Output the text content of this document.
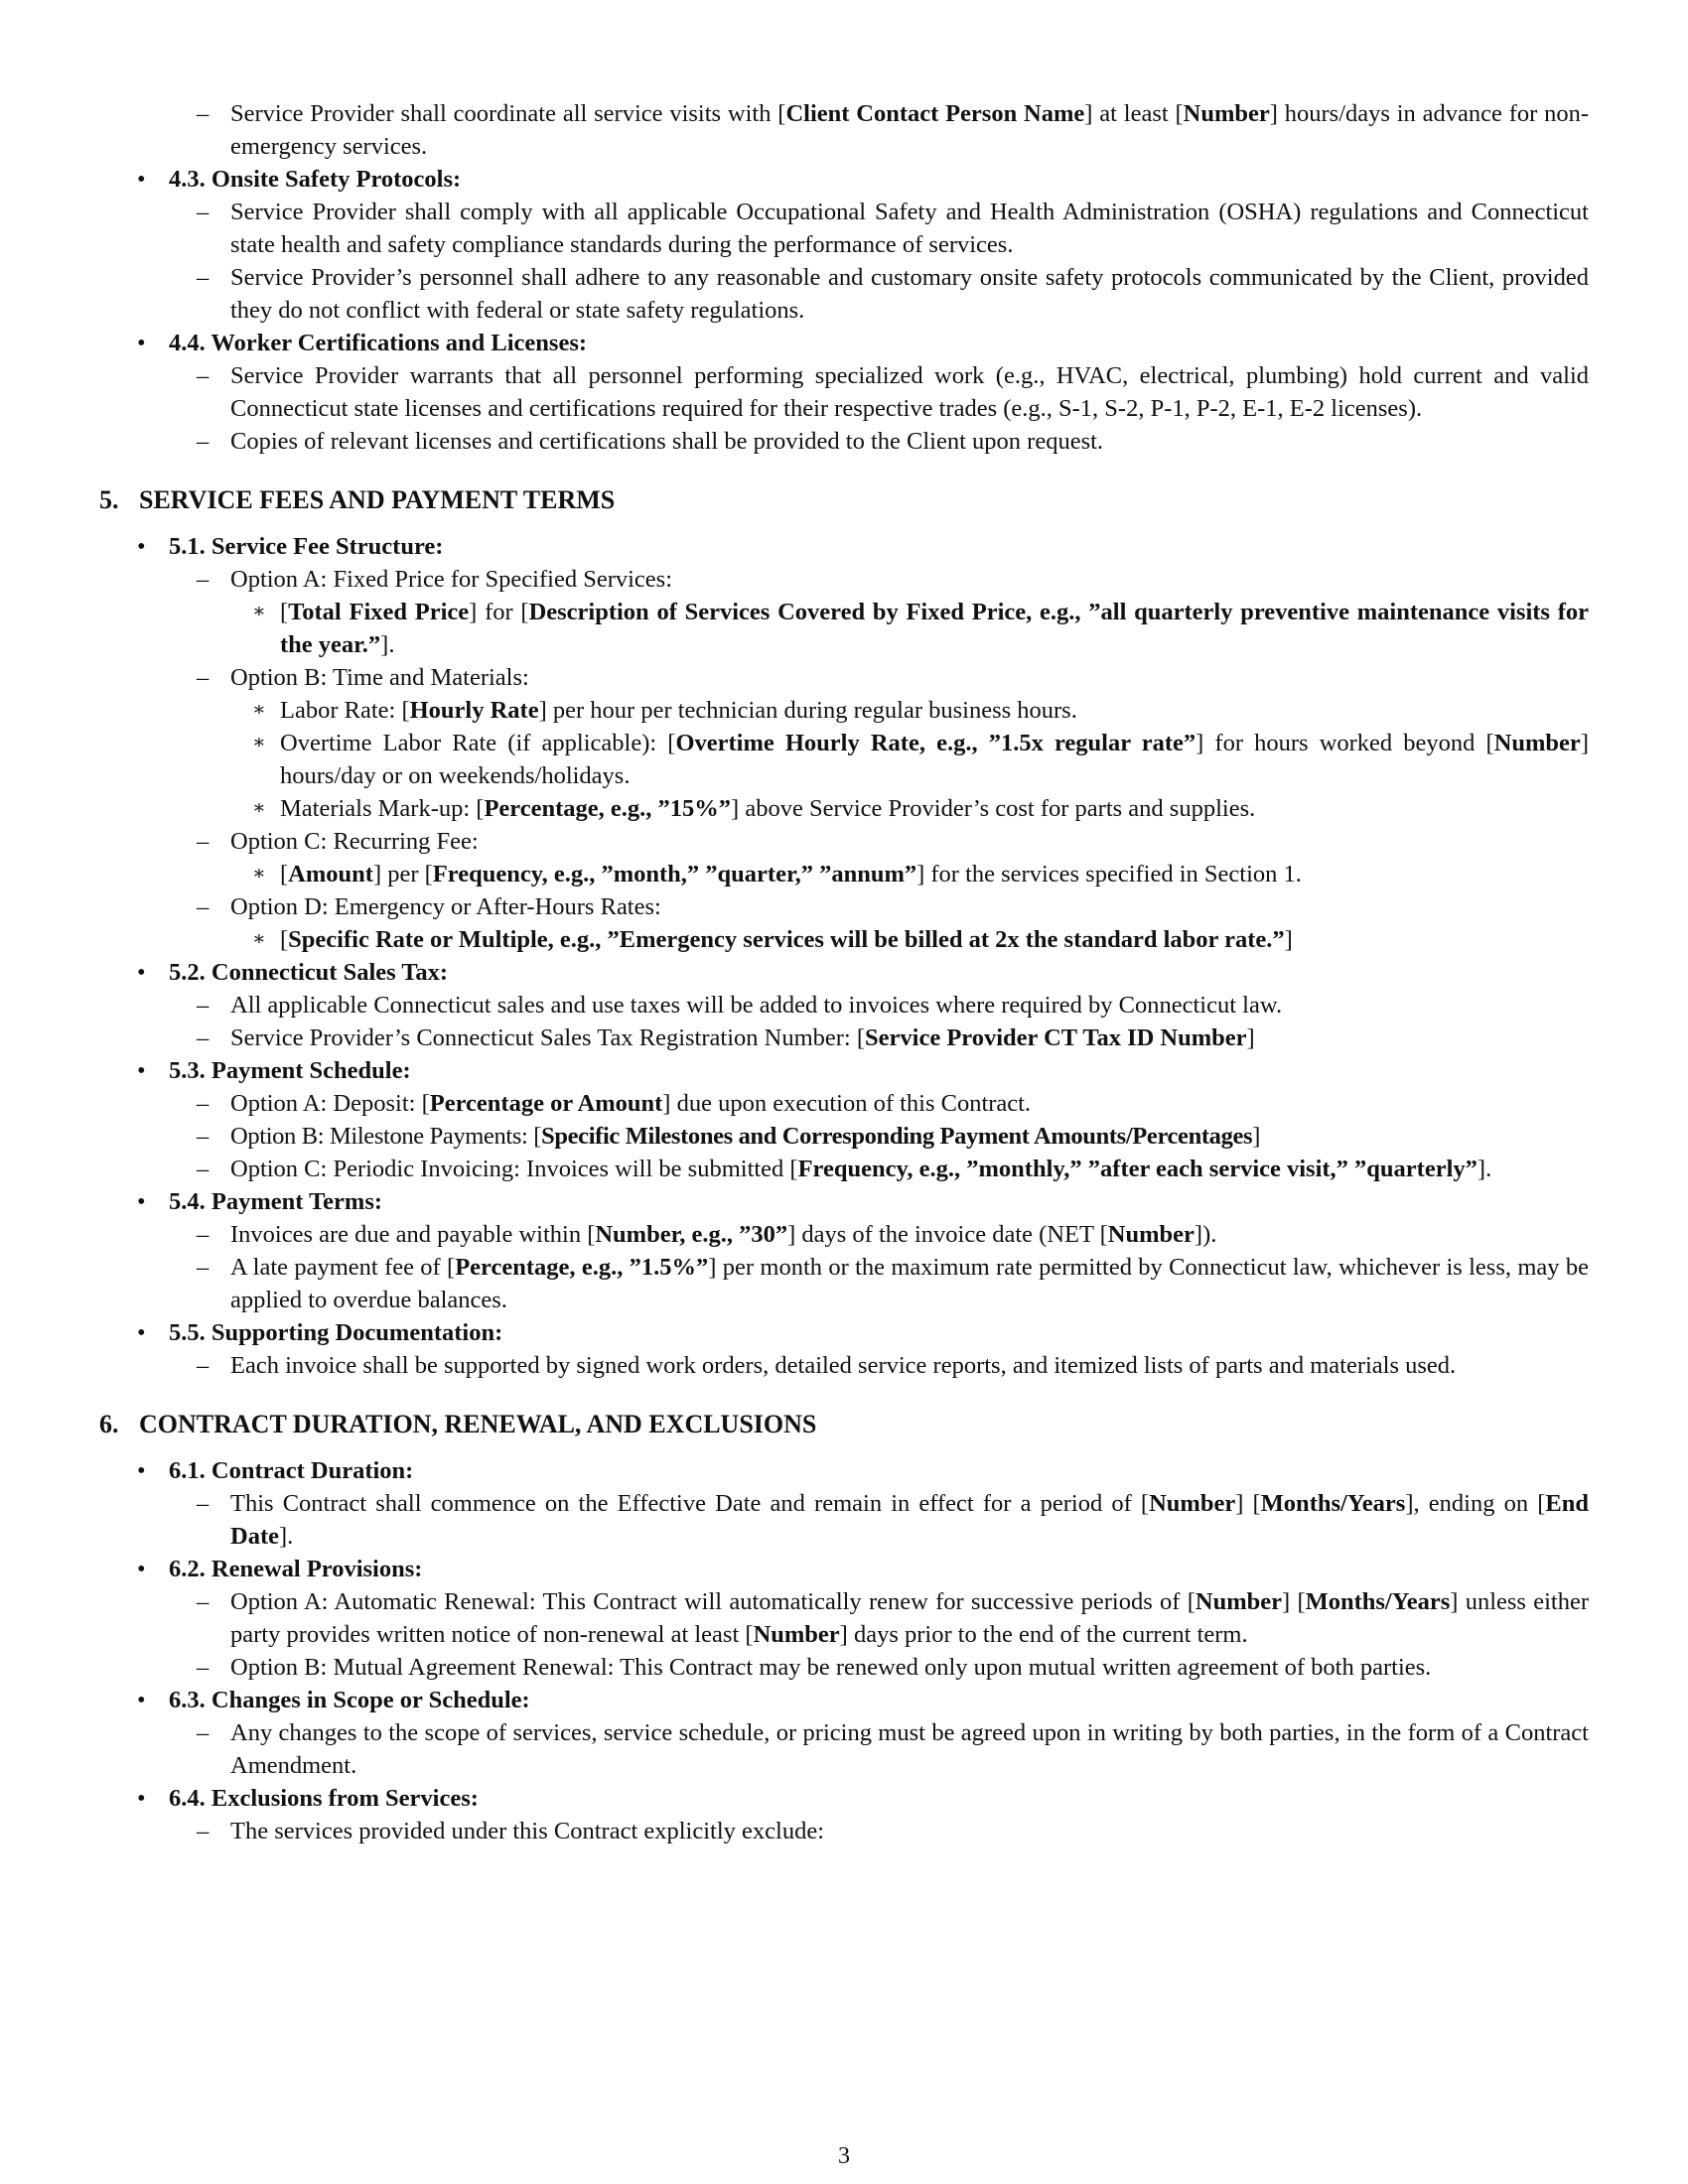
– Service Provider shall coordinate all service visits with [Client Contact Person Name] at least [Number] hours/days in advance for non-emergency services.
• 4.3. Onsite Safety Protocols:
– Service Provider shall comply with all applicable Occupational Safety and Health Administration (OSHA) regulations and Connecticut state health and safety compliance standards during the performance of services.
– Service Provider’s personnel shall adhere to any reasonable and customary onsite safety protocols communicated by the Client, provided they do not conflict with federal or state safety regulations.
• 4.4. Worker Certifications and Licenses:
– Service Provider warrants that all personnel performing specialized work (e.g., HVAC, electrical, plumbing) hold current and valid Connecticut state licenses and certifications required for their respective trades (e.g., S-1, S-2, P-1, P-2, E-1, E-2 licenses).
– Copies of relevant licenses and certifications shall be provided to the Client upon request.
5. SERVICE FEES AND PAYMENT TERMS
• 5.1. Service Fee Structure:
– Option A: Fixed Price for Specified Services:
∗ [Total Fixed Price] for [Description of Services Covered by Fixed Price, e.g., ”all quarterly preventive maintenance visits for the year.”].
– Option B: Time and Materials:
∗ Labor Rate: [Hourly Rate] per hour per technician during regular business hours.
∗ Overtime Labor Rate (if applicable): [Overtime Hourly Rate, e.g., ”1.5x regular rate”] for hours worked beyond [Number] hours/day or on weekends/holidays.
∗ Materials Mark-up: [Percentage, e.g., ”15%”] above Service Provider’s cost for parts and supplies.
– Option C: Recurring Fee:
∗ [Amount] per [Frequency, e.g., ”month,” ”quarter,” ”annum”] for the services specified in Section 1.
– Option D: Emergency or After-Hours Rates:
∗ [Specific Rate or Multiple, e.g., ”Emergency services will be billed at 2x the standard labor rate.”]
• 5.2. Connecticut Sales Tax:
– All applicable Connecticut sales and use taxes will be added to invoices where required by Connecticut law.
– Service Provider’s Connecticut Sales Tax Registration Number: [Service Provider CT Tax ID Number]
• 5.3. Payment Schedule:
– Option A: Deposit: [Percentage or Amount] due upon execution of this Contract.
– Option B: Milestone Payments: [Specific Milestones and Corresponding Payment Amounts/Percentages]
– Option C: Periodic Invoicing: Invoices will be submitted [Frequency, e.g., ”monthly,” ”after each service visit,” ”quarterly”].
• 5.4. Payment Terms:
– Invoices are due and payable within [Number, e.g., ”30”] days of the invoice date (NET [Number]).
– A late payment fee of [Percentage, e.g., ”1.5%”] per month or the maximum rate permitted by Connecticut law, whichever is less, may be applied to overdue balances.
• 5.5. Supporting Documentation:
– Each invoice shall be supported by signed work orders, detailed service reports, and itemized lists of parts and materials used.
6. CONTRACT DURATION, RENEWAL, AND EXCLUSIONS
• 6.1. Contract Duration:
– This Contract shall commence on the Effective Date and remain in effect for a period of [Number] [Months/Years], ending on [End Date].
• 6.2. Renewal Provisions:
– Option A: Automatic Renewal: This Contract will automatically renew for successive periods of [Number] [Months/Years] unless either party provides written notice of non-renewal at least [Number] days prior to the end of the current term.
– Option B: Mutual Agreement Renewal: This Contract may be renewed only upon mutual written agreement of both parties.
• 6.3. Changes in Scope or Schedule:
– Any changes to the scope of services, service schedule, or pricing must be agreed upon in writing by both parties, in the form of a Contract Amendment.
• 6.4. Exclusions from Services:
– The services provided under this Contract explicitly exclude:
3
